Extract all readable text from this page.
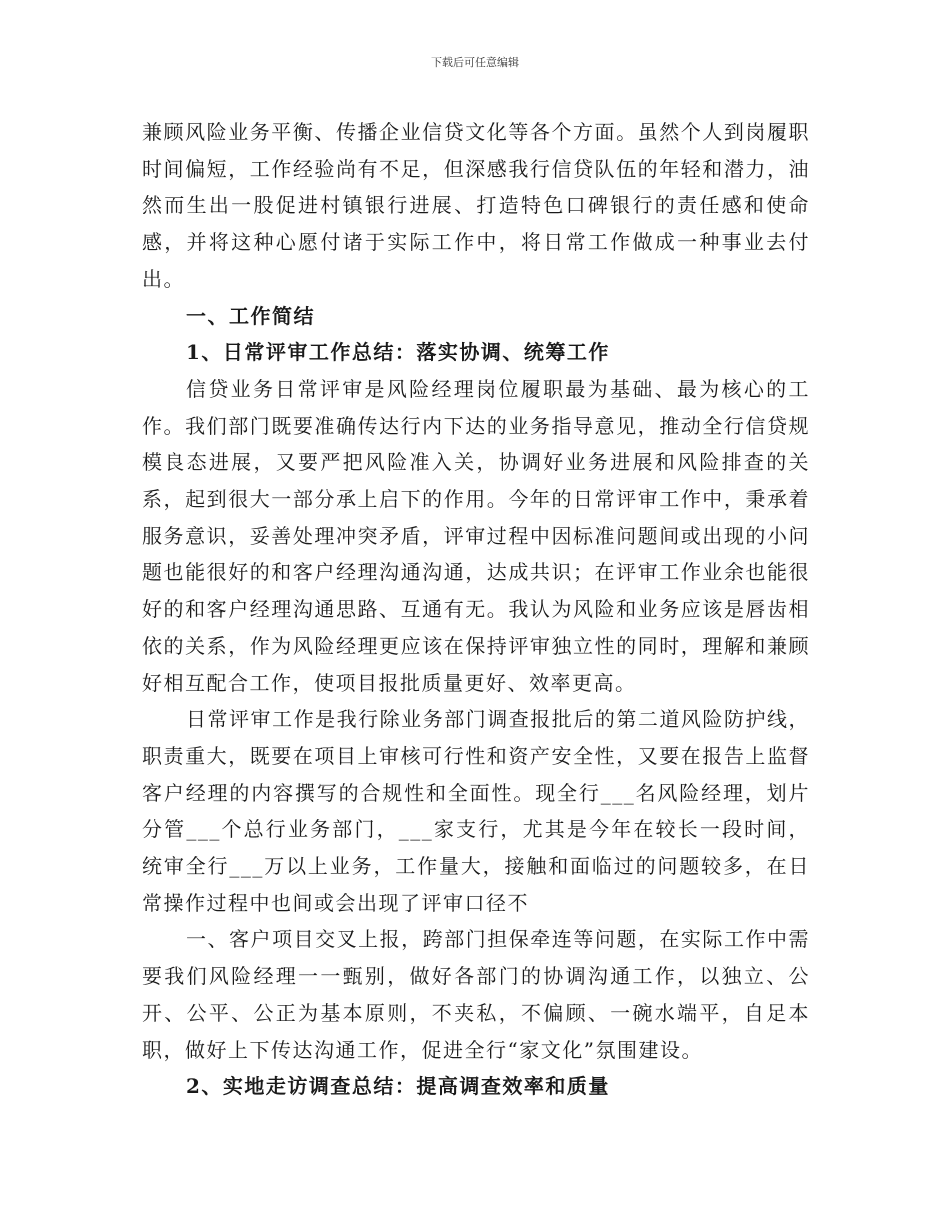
下载后可任意编辑

兼顾风险业务平衡、传播企业信贷文化等各个方面。虽然个人到岗履职时间偏短，工作经验尚有不足，但深感我行信贷队伍的年轻和潜力，油然而生出一股促进村镇银行进展、打造特色口碑银行的责任感和使命感，并将这种心愿付诸于实际工作中，将日常工作做成一种事业去付出。

一、工作简结

1、日常评审工作总结：落实协调、统筹工作

信贷业务日常评审是风险经理岗位履职最为基础、最为核心的工作。我们部门既要准确传达行内下达的业务指导意见，推动全行信贷规模良态进展，又要严把风险准入关，协调好业务进展和风险排查的关系，起到很大一部分承上启下的作用。今年的日常评审工作中，秉承着服务意识，妥善处理冲突矛盾，评审过程中因标准问题间或出现的小问题也能很好的和客户经理沟通沟通，达成共识；在评审工作业余也能很好的和客户经理沟通思路、互通有无。我认为风险和业务应该是唇齿相依的关系，作为风险经理更应该在保持评审独立性的同时，理解和兼顾好相互配合工作，使项目报批质量更好、效率更高。

日常评审工作是我行除业务部门调查报批后的第二道风险防护线，职责重大，既要在项目上审核可行性和资产安全性，又要在报告上监督客户经理的内容撰写的合规性和全面性。现全行___名风险经理，划片分管___个总行业务部门，___家支行，尤其是今年在较长一段时间，统审全行___万以上业务，工作量大，接触和面临过的问题较多，在日常操作过程中也间或会出现了评审口径不

一、客户项目交叉上报，跨部门担保牵连等问题，在实际工作中需要我们风险经理一一甄别，做好各部门的协调沟通工作，以独立、公开、公平、公正为基本原则，不夹私，不偏顾、一碗水端平，自足本职，做好上下传达沟通工作，促进全行“家文化”氛围建设。

2、实地走访调查总结：提高调查效率和质量
